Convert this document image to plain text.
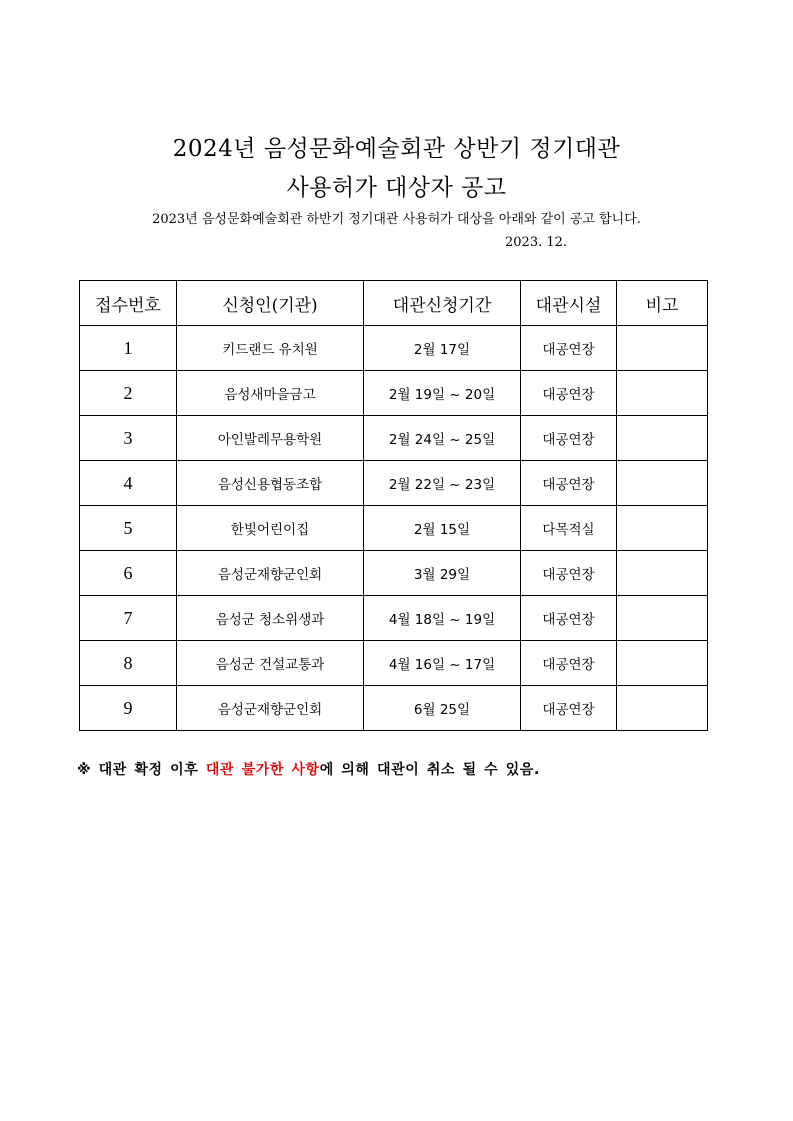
2024년 음성문화예술회관 상반기 정기대관
사용허가 대상자 공고
2023년 음성문화예술회관 하반기 정기대관 사용허가 대상을 아래와 같이 공고 합니다.
2023. 12.
접수번호	신청인(기관)	대관신청기간	대관시설	비고
1	키드랜드 유치원	2월 17일	대공연장	
2	음성새마을금고	2월 19일 ~ 20일	대공연장	
3	아인발레무용학원	2월 24일 ~ 25일	대공연장	
4	음성신용협동조합	2월 22일 ~ 23일	대공연장	
5	한빛어린이집	2월 15일	다목적실	
6	음성군재향군인회	3월 29일	대공연장	
7	음성군 청소위생과	4월 18일 ~ 19일	대공연장	
8	음성군 건설교통과	4월 16일 ~ 17일	대공연장	
9	음성군재향군인회	6월 25일	대공연장	
※ 대관 확정 이후 대관 불가한 사항에 의해 대관이 취소 될 수 있음.
